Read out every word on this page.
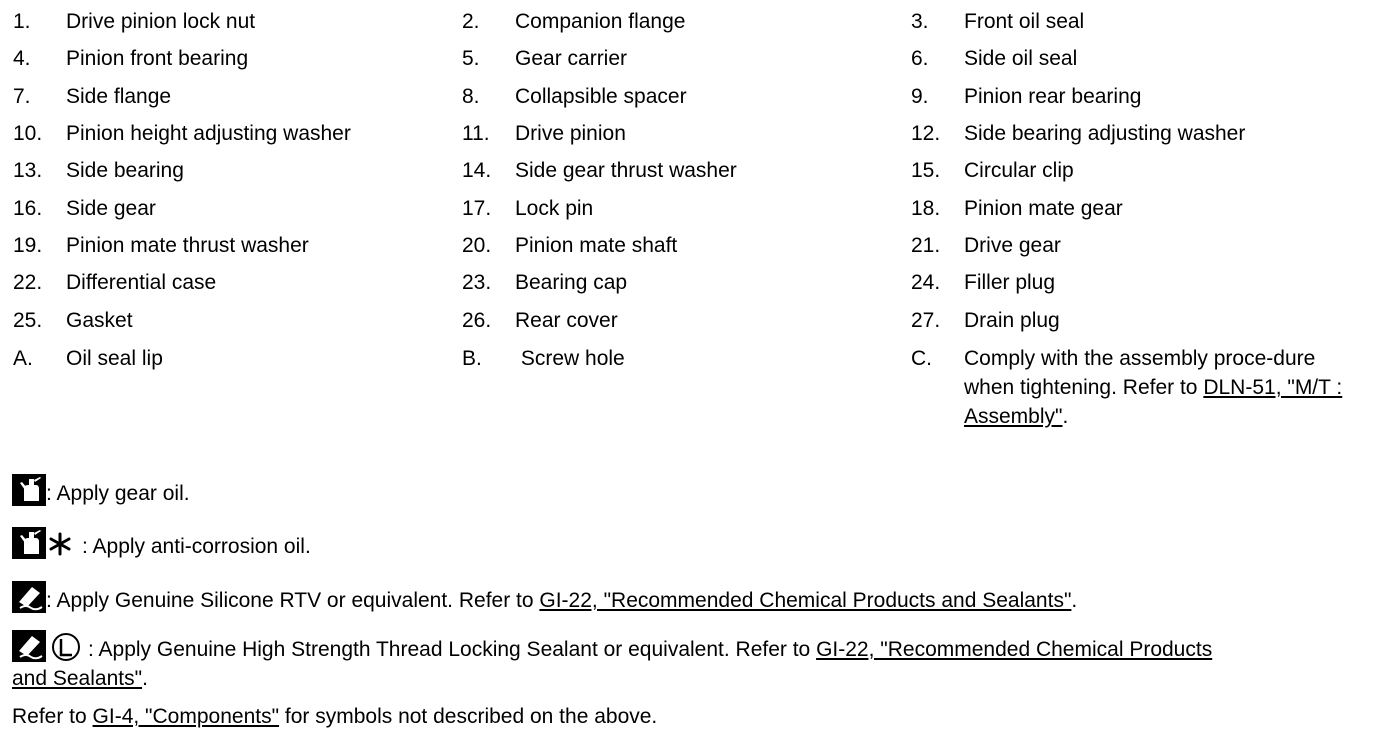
1. Drive pinion lock nut	2. Companion flange	3. Front oil seal
4. Pinion front bearing	5. Gear carrier	6. Side oil seal
7. Side flange	8. Collapsible spacer	9. Pinion rear bearing
10. Pinion height adjusting washer	11. Drive pinion	12. Side bearing adjusting washer
13. Side bearing	14. Side gear thrust washer	15. Circular clip
16. Side gear	17. Lock pin	18. Pinion mate gear
19. Pinion mate thrust washer	20. Pinion mate shaft	21. Drive gear
22. Differential case	23. Bearing cap	24. Filler plug
25. Gasket	26. Rear cover	27. Drain plug
A. Oil seal lip	B. Screw hole	C. Comply with the assembly proce-dure when tightening. Refer to DLN-51, "M/T : Assembly".
: Apply gear oil.
: Apply anti-corrosion oil.
: Apply Genuine Silicone RTV or equivalent. Refer to GI-22, "Recommended Chemical Products and Sealants".
: Apply Genuine High Strength Thread Locking Sealant or equivalent. Refer to GI-22, "Recommended Chemical Products
and Sealants".
Refer to GI-4, "Components" for symbols not described on the above.
